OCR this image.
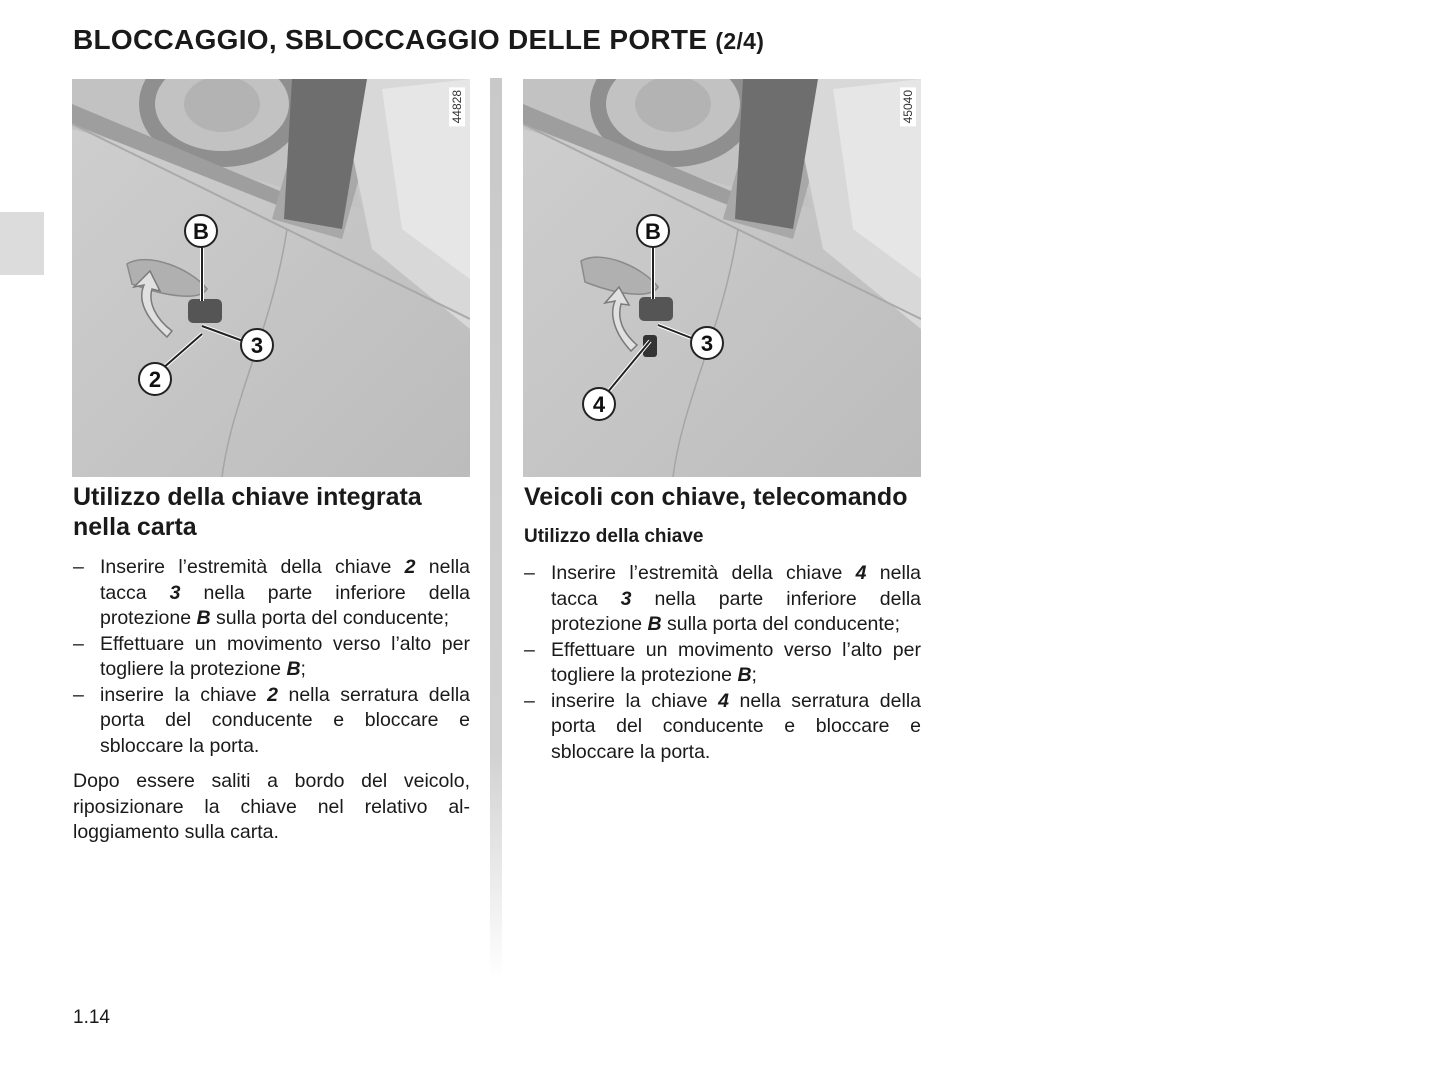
BLOCCAGGIO, SBLOCCAGGIO DELLE PORTE (2/4)
B
3
2
44828
B
3
4
45040
Utilizzo della chiave integrata nella carta
– Inserire l’estremità della chiave 2 nella tacca 3 nella parte inferiore della protezione B sulla porta del conducente;
– Effettuare un movimento verso l’alto per togliere la protezione B;
– inserire la chiave 2 nella serratura della porta del conducente e bloccare e sbloccare la porta.

Dopo essere saliti a bordo del veicolo, riposizionare la chiave nel relativo alloggiamento sulla carta.

Veicoli con chiave, telecomando
Utilizzo della chiave
– Inserire l’estremità della chiave 4 nella tacca 3 nella parte inferiore della protezione B sulla porta del conducente;
– Effettuare un movimento verso l’alto per togliere la protezione B;
– inserire la chiave 4 nella serratura della porta del conducente e bloccare e sbloccare la porta.
1.14
